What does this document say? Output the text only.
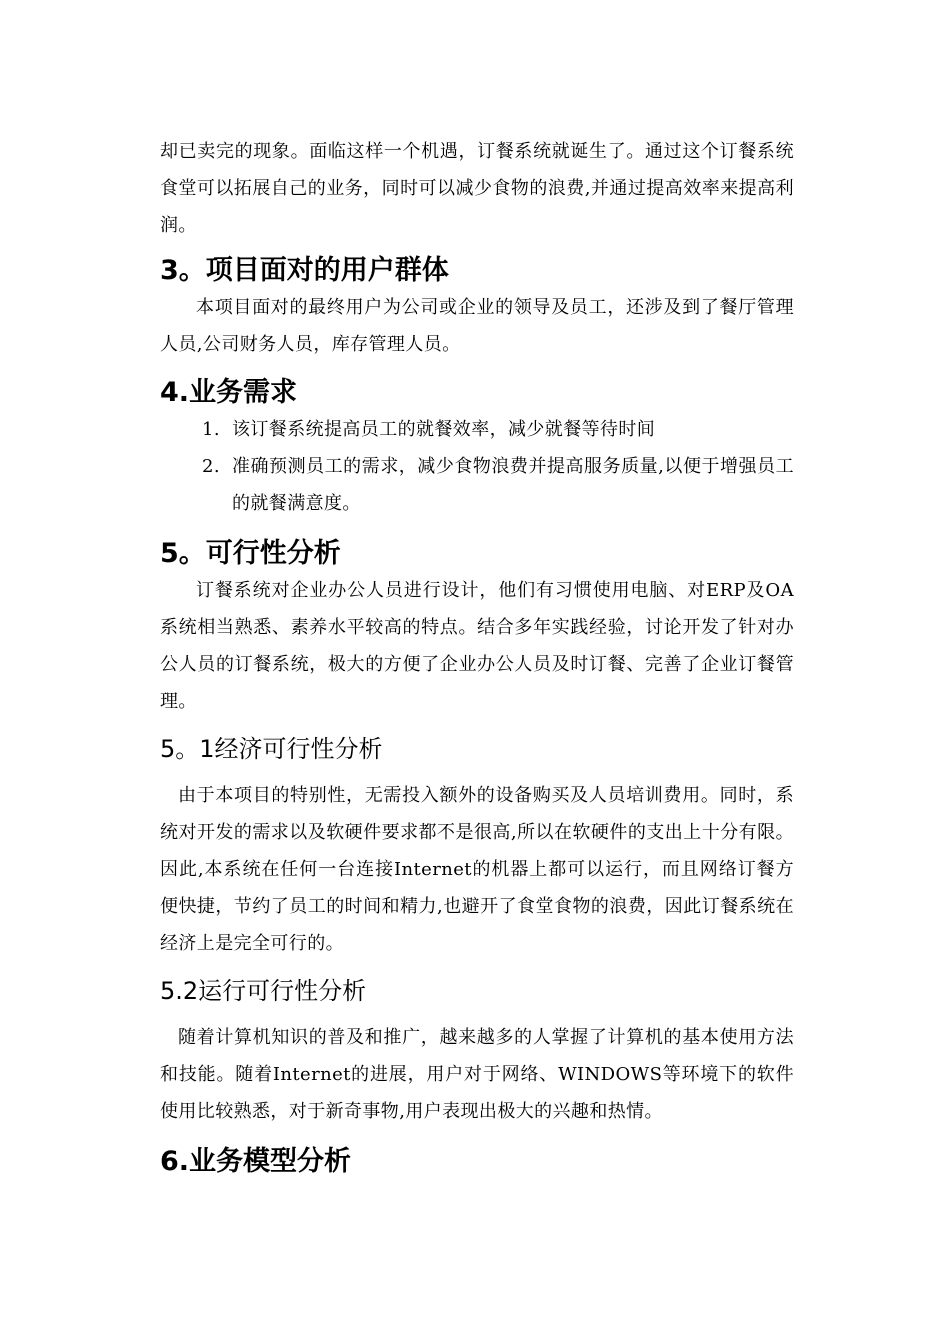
却已卖完的现象。面临这样一个机遇，订餐系统就诞生了。通过这个订餐系统食堂可以拓展自己的业务，同时可以减少食物的浪费,并通过提高效率来提高利润。

3。项目面对的用户群体

本项目面对的最终用户为公司或企业的领导及员工，还涉及到了餐厅管理人员,公司财务人员，库存管理人员。

4.业务需求
1. 该订餐系统提高员工的就餐效率，减少就餐等待时间
2. 准确预测员工的需求，减少食物浪费并提高服务质量,以便于增强员工的就餐满意度。
5。可行性分析

订餐系统对企业办公人员进行设计，他们有习惯使用电脑、对ERP及OA系统相当熟悉、素养水平较高的特点。结合多年实践经验，讨论开发了针对办公人员的订餐系统，极大的方便了企业办公人员及时订餐、完善了企业订餐管理。

5。1经济可行性分析

由于本项目的特别性，无需投入额外的设备购买及人员培训费用。同时，系统对开发的需求以及软硬件要求都不是很高,所以在软硬件的支出上十分有限。因此,本系统在任何一台连接Internet的机器上都可以运行，而且网络订餐方便快捷，节约了员工的时间和精力,也避开了食堂食物的浪费，因此订餐系统在经济上是完全可行的。

5.2运行可行性分析

随着计算机知识的普及和推广，越来越多的人掌握了计算机的基本使用方法和技能。随着Internet的进展，用户对于网络、WINDOWS等环境下的软件使用比较熟悉，对于新奇事物,用户表现出极大的兴趣和热情。

6.业务模型分析
